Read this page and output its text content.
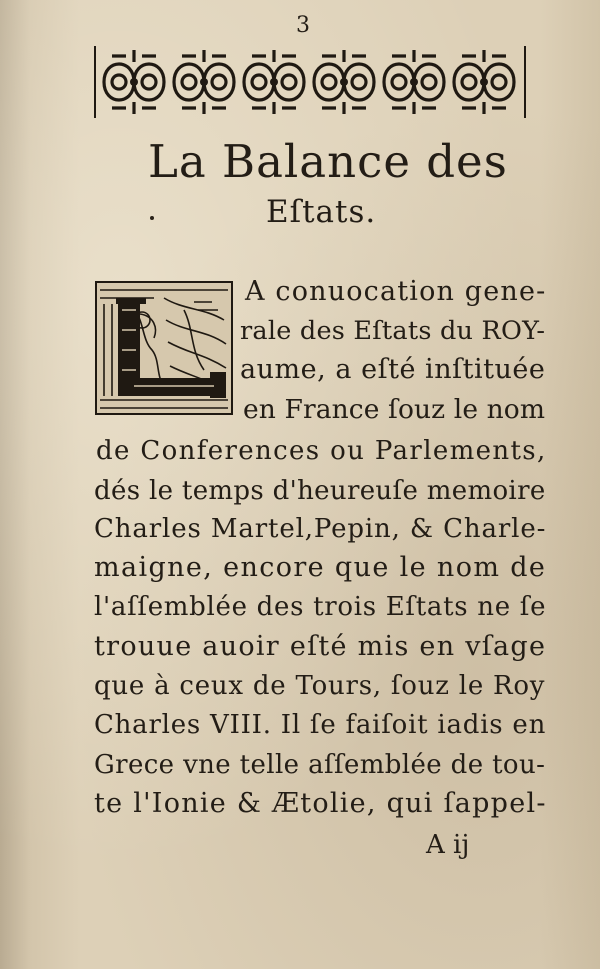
3
La Balance des
Eſtats.
A conuocation gene-
rale des Eſtats du ROY-
aume, a eſté inſtituée
en France ſouz le nom
de Conferences ou Parlements,
dés le temps d'heureuſe memoire
Charles Martel,Pepin, & Charle-
maigne, encore que le nom de
l'aſſemblée des trois Eſtats ne ſe
trouue auoir eſté mis en vſage
que à ceux de Tours, ſouz le Roy
Charles VIII. Il ſe faiſoit iadis en
Grece vne telle aſſemblée de tou-
te l'Ionie & Ætolie, qui ſappel-
A ij
